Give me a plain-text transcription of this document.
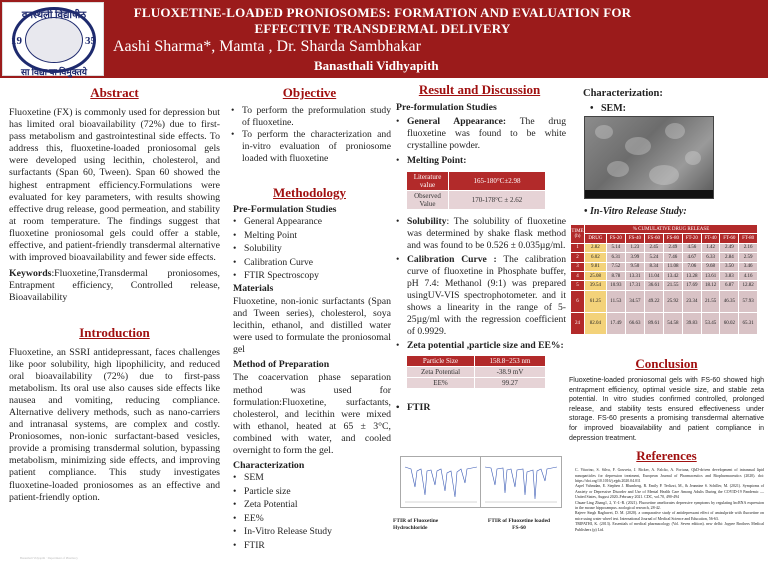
वनस्थली विद्यापीठ
19	35
सा विद्या या विमुक्तये
FLUOXETINE-LOADED PRONIOSOMES: FORMATION AND EVALUATION FOR EFFECTIVE TRANSDERMAL DELIVERY
Aashi Sharma*, Mamta , Dr. Sharda Sambhakar
Banasthali Vidhyapith
Abstract
Fluoxetine (FX) is commonly used for depression but has limited oral bioavailability (72%) due to first-pass metabolism and gastrointestinal side effects. To address this, fluoxetine-loaded proniosomal gels were developed using lecithin, cholesterol, and surfactants (Span 60, Tween). Span 60 showed the highest entrapment efficiency.Formulations were evaluated for key parameters, with results showing effective drug release, good permeation, and stability at room temperature. The findings suggest that fluoxetine proniosomal gels could offer a stable, effective, and patient-friendly transdermal alternative with improved bioavailability and fewer side effects.
Keywords:Fluoxetine,Transdermal proniosomes, Entrapment efficiency, Controlled release, Bioavailability
Introduction
Fluoxetine, an SSRI antidepressant, faces challenges like poor solubility, high lipophilicity, and reduced oral bioavailability (72%) due to first-pass metabolism. Its oral use also causes side effects like nausea and vomiting, reducing compliance. Alternative delivery methods, such as nano-carriers and intranasal systems, are complex and costly. Proniosomes, non-ionic surfactant-based vesicles, provide a promising transdermal solution, bypassing metabolism, minimizing side effects, and improving patient compliance. This study investigates fluoxetine-loaded proniosomes as an effective and patient-friendly option.
Objective
• To perform the preformulation study of fluoxetine.
• To perform the characterization and in-vitro evaluation of proniosome loaded with fluoxetine
Methodology
Pre-Formulation Studies
• General Appearance
• Melting Point
• Solubility
• Calibration Curve
• FTIR Spectroscopy
Materials
Fluoxetine, non-ionic surfactants (Span and Tween series), cholesterol, soya lecithin, ethanol, and distilled water were used to formulate the proniosomal gel
Method of Preparation
The coacervation phase separation method was used for formulation:Fluoxetine, surfactants, cholesterol, and lecithin were mixed with ethanol, heated at 65 ± 3°C, combined with water, and cooled overnight to form the gel.
Characterization
• SEM
• Particle size
• Zeta Potential
• EE%
• In-Vitro Release Study
• FTIR
Result and Discussion
Pre-formulation Studies
• General Appearance: The drug fluoxetine was found to be white crystalline powder.
• Melting Point:
Literature value	165-180°C±2.98
Observed Value	170-178°C ± 2.62
• Solubility: The solubility of fluoxetine was determined by shake flask method and was found to be 0.526 ± 0.035µg/ml.
• Calibration Curve : The calibration curve of fluoxetine in Phosphate buffer, pH 7.4: Methanol (9:1) was prepared usingUV-VIS spectrophotometer. and it shows a linearity in the range of 5-25µg/ml with the regression coefficient of 0.9929.
• Zeta potential ,particle size and EE%:
Particle Size	158.8−253 nm
Zeta Potential	-38.9 mV
EE%	99.27
• FTIR
FTIR of Fluoxetine Hydrochloride
FTIR of Fluoxetine loaded FS-60
Characterization:
• SEM:
• In-Vitro Release Study:
TIME (h)	% CUMULATIVE DRUG RELEASE								
	DRUG	FS-20	FS-40	FS-60	FS-80	FT-20	FT-40	FT-60	FT-80
1	2.82	5.14	1.23	2.45	2.49	4.56	1.42	2.49	2.16
2	6.02	6.31	3.99	5.24	7.46	4.67	6.33	2.84	2.59
3	9.81	7.52	9.50	8.34	11.08	7.06	9.68	3.50	3.46
4	25.08	8.78	13.31	11.04	13.42	13.28	13.61	3.83	4.16
5	39.54	10.93	17.31	36.61	21.55	17.69	18.12	6.87	12.82
6	61.25	11.53	34.57	49.22	25.92	23.34	21.55	46.35	57.93
24	82.04	17.49	66.63	89.61	54.58	39.83	53.45	60.02	65.31
Conclusion
Fluoxetine-loaded proniosomal gels with FS-60 showed high entrapment efficiency, optimal vesicle size, and stable zeta potential. In vitro studies confirmed controlled, prolonged release, and stability tests ensured effectiveness under storage. FS-60 presents a promising transdermal alternative for improved bioavailability and patient compliance in depression treatment.
References
C. Vitorino, S. Silva, F. Gouveia, J. Bicker, A. Falcão, A. Fortuna, QbD-driven development of intranasal lipid nanoparticles for depression treatment, European Journal of Pharmaceutics and Biopharmaceutics (2020). doi: https://doi.org/10.1016/j.ejpb.2020.04.011
Aspel Vahmdan, E. Stephen J. Blumberg, R. Emily P. Terlizzi, M., & Jeannine S. Schiller, M. (2021). Symptoms of Anxiety or Depressive Disorder and Use of Mental Health Care Among Adults During the COVID-19 Pandemic — United States, August 2020–February 2021. CDC, vol.70, 490-494
Chuan-Ling Zhang1, 2, Y.-J.-R. (2021). Fluoxetine ameliorates depressive symptoms by regulating lncRNA expression in the mouse hippocampus. zoological research, 28-42.
Rajeev Singh Raghuvei, D. M. (2020). a comparative study of antidepressant effect of amisulpride with fluoxetine on mice using water wheel test. International Journal of Medical Science and Education, 56-63.
TRIPATHI, K. (2013). Essentials of medical pharmacology (Vol. Seven edition). new delhi: Jaypee Brothers Medical Publishers (p) Ltd.
Banasthali Vidyapith · Department of Pharmacy
